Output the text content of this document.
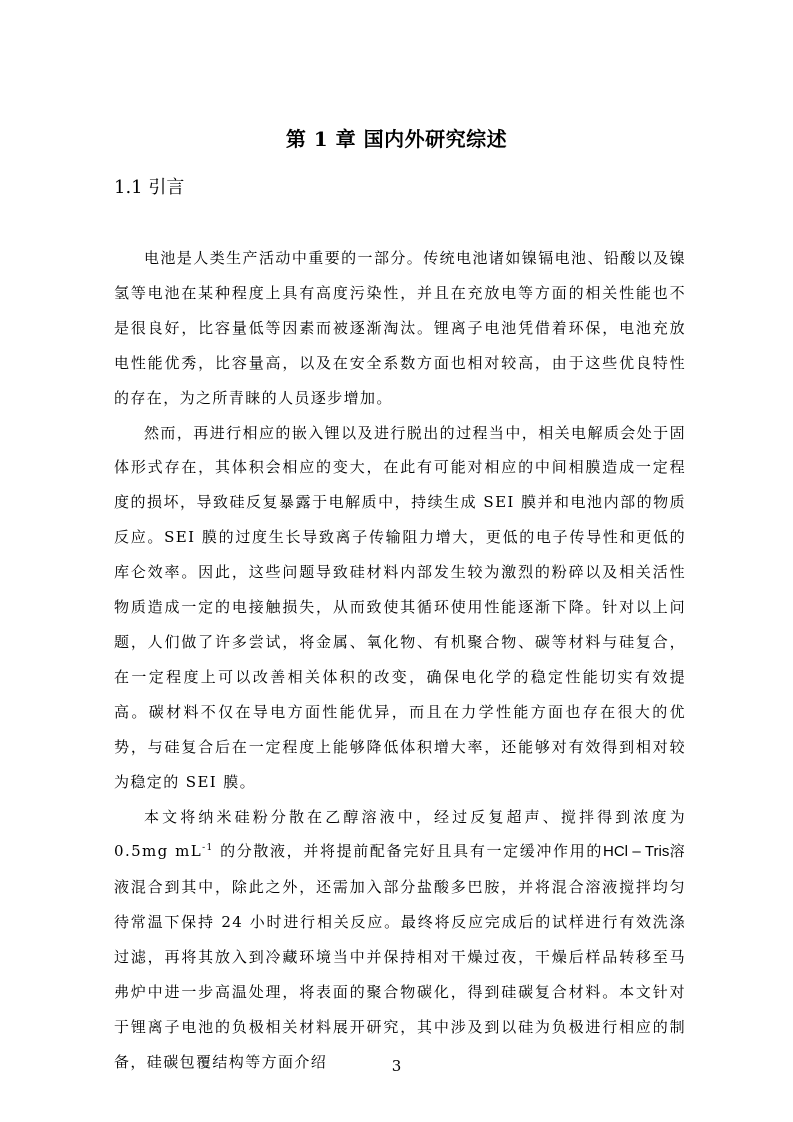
第 1 章 国内外研究综述
1.1 引言

电池是人类生产活动中重要的一部分。传统电池诸如镍镉电池、铅酸以及镍氢等电池在某种程度上具有高度污染性，并且在充放电等方面的相关性能也不是很良好，比容量低等因素而被逐渐淘汰。锂离子电池凭借着环保，电池充放电性能优秀，比容量高，以及在安全系数方面也相对较高，由于这些优良特性的存在，为之所青睐的人员逐步增加。

然而，再进行相应的嵌入锂以及进行脱出的过程当中，相关电解质会处于固体形式存在，其体积会相应的变大，在此有可能对相应的中间相膜造成一定程度的损坏，导致硅反复暴露于电解质中，持续生成 SEI 膜并和电池内部的物质反应。SEI 膜的过度生长导致离子传输阻力增大，更低的电子传导性和更低的库仑效率。因此，这些问题导致硅材料内部发生较为激烈的粉碎以及相关活性物质造成一定的电接触损失，从而致使其循环使用性能逐渐下降。针对以上问题，人们做了许多尝试，将金属、氧化物、有机聚合物、碳等材料与硅复合，在一定程度上可以改善相关体积的改变，确保电化学的稳定性能切实有效提高。碳材料不仅在导电方面性能优异，而且在力学性能方面也存在很大的优势，与硅复合后在一定程度上能够降低体积增大率，还能够对有效得到相对较为稳定的 SEI 膜。

本文将纳米硅粉分散在乙醇溶液中，经过反复超声、搅拌得到浓度为 0.5mg $mL^{-1}$ 的分散液，并将提前配备完好且具有一定缓冲作用的HCl – Tris溶液混合到其中，除此之外，还需加入部分盐酸多巴胺，并将混合溶液搅拌均匀待常温下保持 24 小时进行相关反应。最终将反应完成后的试样进行有效洗涤过滤，再将其放入到冷藏环境当中并保持相对干燥过夜，干燥后样品转移至马弗炉中进一步高温处理，将表面的聚合物碳化，得到硅碳复合材料。本文针对于锂离子电池的负极相关材料展开研究，其中涉及到以硅为负极进行相应的制备，硅碳包覆结构等方面介绍	3
